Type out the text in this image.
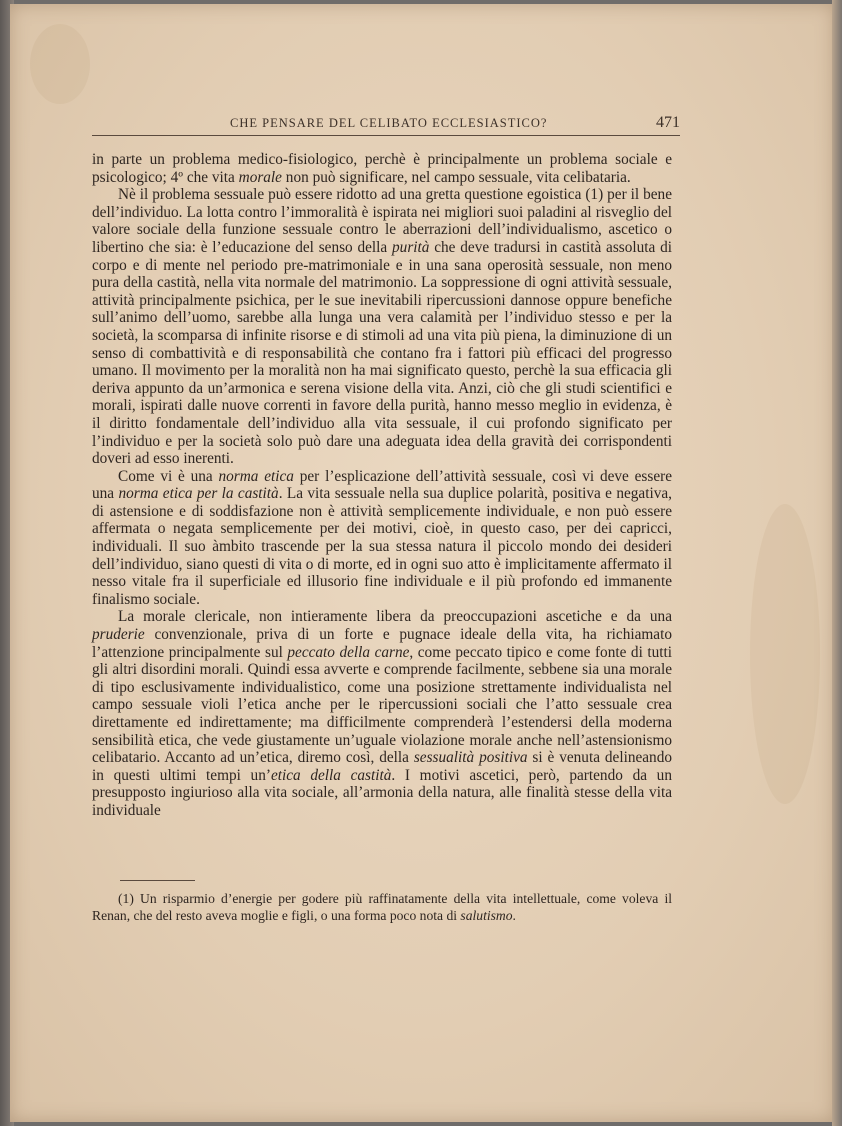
CHE PENSARE DEL CELIBATO ECCLESIASTICO?	471

in parte un problema medico-fisiologico, perchè è principalmente un problema sociale e psicologico; 4º che vita morale non può significare, nel campo sessuale, vita celibataria.

Nè il problema sessuale può essere ridotto ad una gretta questione egoistica (1) per il bene dell’individuo. La lotta contro l’immoralità è ispirata nei migliori suoi paladini al risveglio del valore sociale della funzione sessuale contro le aberrazioni dell’individualismo, ascetico o libertino che sia: è l’educazione del senso della purità che deve tradursi in castità assoluta di corpo e di mente nel periodo pre-matrimoniale e in una sana operosità sessuale, non meno pura della castità, nella vita normale del matrimonio. La soppressione di ogni attività sessuale, attività principalmente psichica, per le sue inevitabili ripercussioni dannose oppure benefiche sull’animo dell’uomo, sarebbe alla lunga una vera calamità per l’individuo stesso e per la società, la scomparsa di infinite risorse e di stimoli ad una vita più piena, la diminuzione di un senso di combattività e di responsabilità che contano fra i fattori più efficaci del progresso umano. Il movimento per la moralità non ha mai significato questo, perchè la sua efficacia gli deriva appunto da un’armonica e serena visione della vita. Anzi, ciò che gli studi scientifici e morali, ispirati dalle nuove correnti in favore della purità, hanno messo meglio in evidenza, è il diritto fondamentale dell’individuo alla vita sessuale, il cui profondo significato per l’individuo e per la società solo può dare una adeguata idea della gravità dei corrispondenti doveri ad esso inerenti.

Come vi è una norma etica per l’esplicazione dell’attività sessuale, così vi deve essere una norma etica per la castità. La vita sessuale nella sua duplice polarità, positiva e negativa, di astensione e di soddisfazione non è attività semplicemente individuale, e non può essere affermata o negata semplicemente per dei motivi, cioè, in questo caso, per dei capricci, individuali. Il suo àmbito trascende per la sua stessa natura il piccolo mondo dei desideri dell’individuo, siano questi di vita o di morte, ed in ogni suo atto è implicitamente affermato il nesso vitale fra il superficiale ed illusorio fine individuale e il più profondo ed immanente finalismo sociale.

La morale clericale, non intieramente libera da preoccupazioni ascetiche e da una pruderie convenzionale, priva di un forte e pugnace ideale della vita, ha richiamato l’attenzione principalmente sul peccato della carne, come peccato tipico e come fonte di tutti gli altri disordini morali. Quindi essa avverte e comprende facilmente, sebbene sia una morale di tipo esclusivamente individualistico, come una posizione strettamente individualista nel campo sessuale violi l’etica anche per le ripercussioni sociali che l’atto sessuale crea direttamente ed indirettamente; ma difficilmente comprenderà l’estendersi della moderna sensibilità etica, che vede giustamente un’uguale violazione morale anche nell’astensionismo celibatario. Accanto ad un’etica, diremo così, della sessualità positiva si è venuta delineando in questi ultimi tempi un’etica della castità. I motivi ascetici, però, partendo da un presupposto ingiurioso alla vita sociale, all’armonia della natura, alle finalità stesse della vita individuale

(1) Un risparmio d’energie per godere più raffinatamente della vita intellettuale, come voleva il Renan, che del resto aveva moglie e figli, o una forma poco nota di salutismo.
